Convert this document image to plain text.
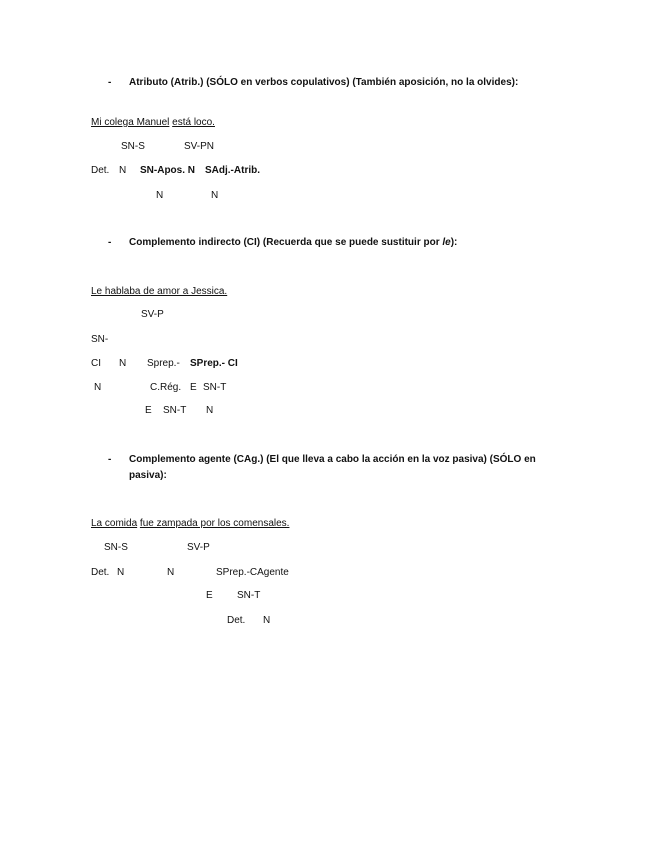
- Atributo (Atrib.) (SÓLO en verbos copulativos) (También aposición, no la olvides):
Mi colega Manuel está loco.
SN-S	SV-PN
Det. N SN-Apos. N SAdj.-Atrib.
N	N
- Complemento indirecto (CI) (Recuerda que se puede sustituir por le):
Le hablaba de amor a Jessica.
SV-P
SN-
CI N Sprep.- SPrep.- CI
N	C.Rég. E SN-T
E SN-T N
- Complemento agente (CAg.) (El que lleva a cabo la acción en la voz pasiva) (SÓLO en
pasiva):
La comida fue zampada por los comensales.
SN-S	SV-P
Det. N	N	SPrep.-CAgente
E SN-T
Det. N
